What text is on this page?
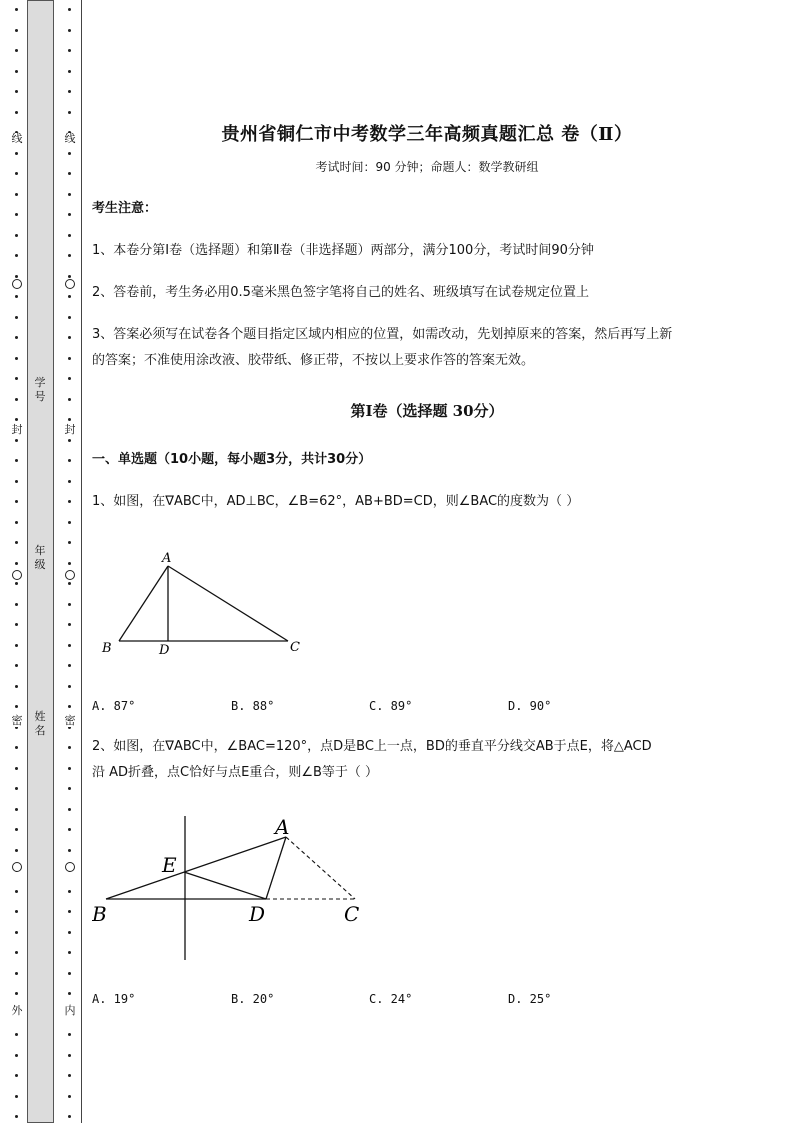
线
封
密
外
线
封
密
内
学号
年级
姓名
贵州省铜仁市中考数学三年高频真题汇总 卷（Ⅱ）
考试时间：90 分钟；命题人：数学教研组
考生注意：
1、本卷分第Ⅰ卷（选择题）和第Ⅱ卷（非选择题）两部分，满分100分，考试时间90分钟
2、答卷前，考生务必用0.5毫米黑色签字笔将自己的姓名、班级填写在试卷规定位置上
3、答案必须写在试卷各个题目指定区域内相应的位置，如需改动，先划掉原来的答案，然后再写上新
的答案；不准使用涂改液、胶带纸、修正带，不按以上要求作答的答案无效。
第Ⅰ卷（选择题 30分）
一、单选题（10小题，每小题3分，共计30分）
1、如图，在∇ABC中，AD⊥BC，∠B=62°，AB+BD=CD，则∠BAC的度数为（ ）
A
B	D	C
A. 87°	B. 88°	C. 89°	D. 90°
2、如图，在∇ABC中，∠BAC=120°，点D是BC上一点，BD的垂直平分线交AB于点E，将△ACD
沿 AD折叠，点C恰好与点E重合，则∠B等于（ ）
A
E
B	D	C
A. 19°	B. 20°	C. 24°	D. 25°
